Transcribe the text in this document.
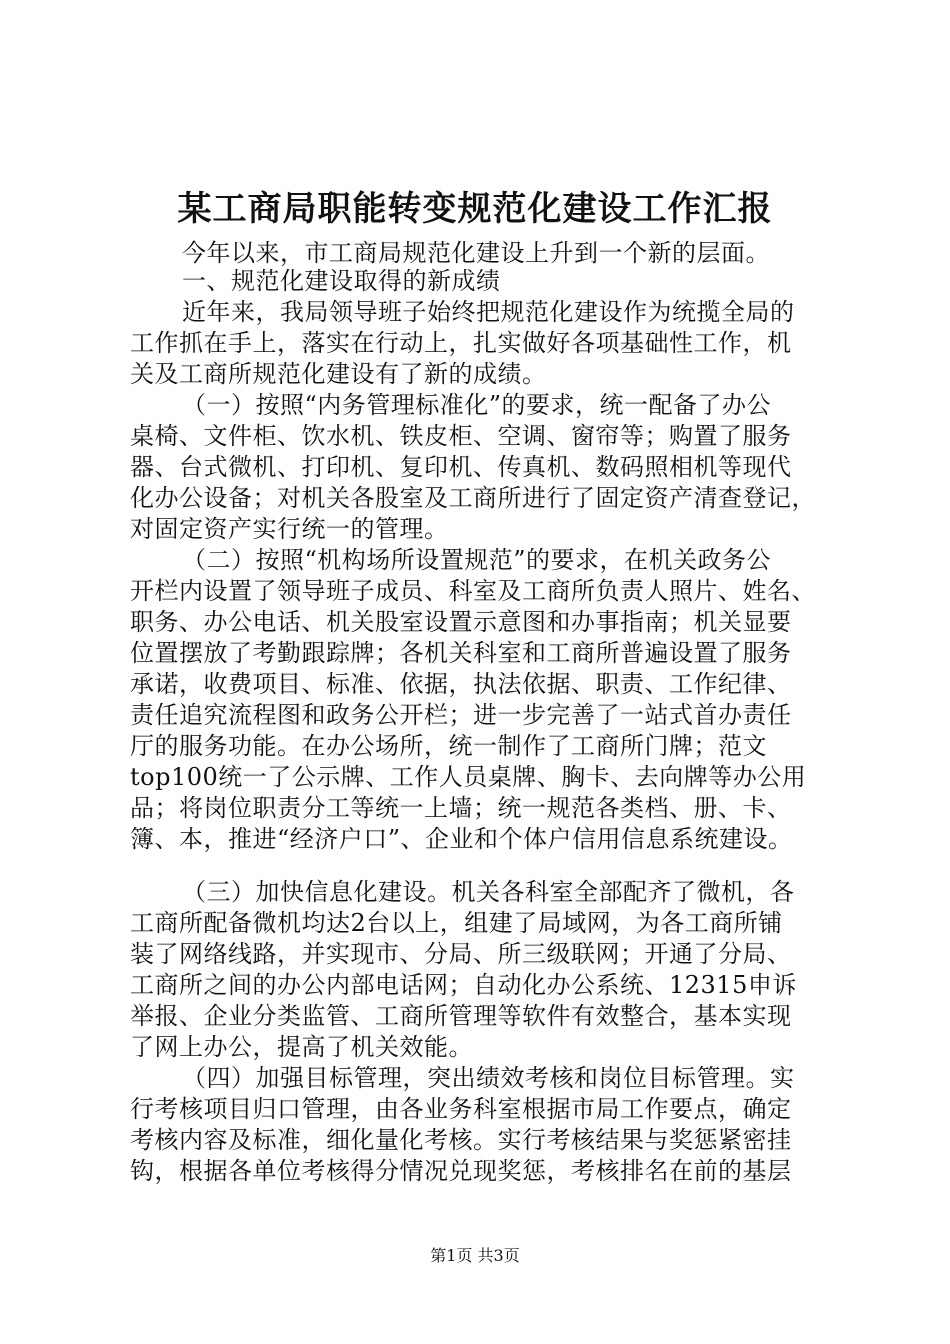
某工商局职能转变规范化建设工作汇报
今年以来，市工商局规范化建设上升到一个新的层面。
一、规范化建设取得的新成绩
近年来，我局领导班子始终把规范化建设作为统揽全局的
工作抓在手上，落实在行动上，扎实做好各项基础性工作，机
关及工商所规范化建设有了新的成绩。
（一）按照“内务管理标准化”的要求，统一配备了办公
桌椅、文件柜、饮水机、铁皮柜、空调、窗帘等；购置了服务
器、台式微机、打印机、复印机、传真机、数码照相机等现代
化办公设备；对机关各股室及工商所进行了固定资产清查登记，
对固定资产实行统一的管理。
（二）按照“机构场所设置规范”的要求，在机关政务公
开栏内设置了领导班子成员、科室及工商所负责人照片、姓名、
职务、办公电话、机关股室设置示意图和办事指南；机关显要
位置摆放了考勤跟踪牌；各机关科室和工商所普遍设置了服务
承诺，收费项目、标准、依据，执法依据、职责、工作纪律、
责任追究流程图和政务公开栏；进一步完善了一站式首办责任
厅的服务功能。在办公场所，统一制作了工商所门牌；范文
top100统一了公示牌、工作人员桌牌、胸卡、去向牌等办公用
品；将岗位职责分工等统一上墙；统一规范各类档、册、卡、
簿、本，推进“经济户口”、企业和个体户信用信息系统建设。
（三）加快信息化建设。机关各科室全部配齐了微机，各
工商所配备微机均达2台以上，组建了局域网，为各工商所铺
装了网络线路，并实现市、分局、所三级联网；开通了分局、
工商所之间的办公内部电话网；自动化办公系统、12315申诉
举报、企业分类监管、工商所管理等软件有效整合，基本实现
了网上办公，提高了机关效能。
（四）加强目标管理，突出绩效考核和岗位目标管理。实
行考核项目归口管理，由各业务科室根据市局工作要点，确定
考核内容及标准，细化量化考核。实行考核结果与奖惩紧密挂
钩，根据各单位考核得分情况兑现奖惩，考核排名在前的基层
第1页 共3页
